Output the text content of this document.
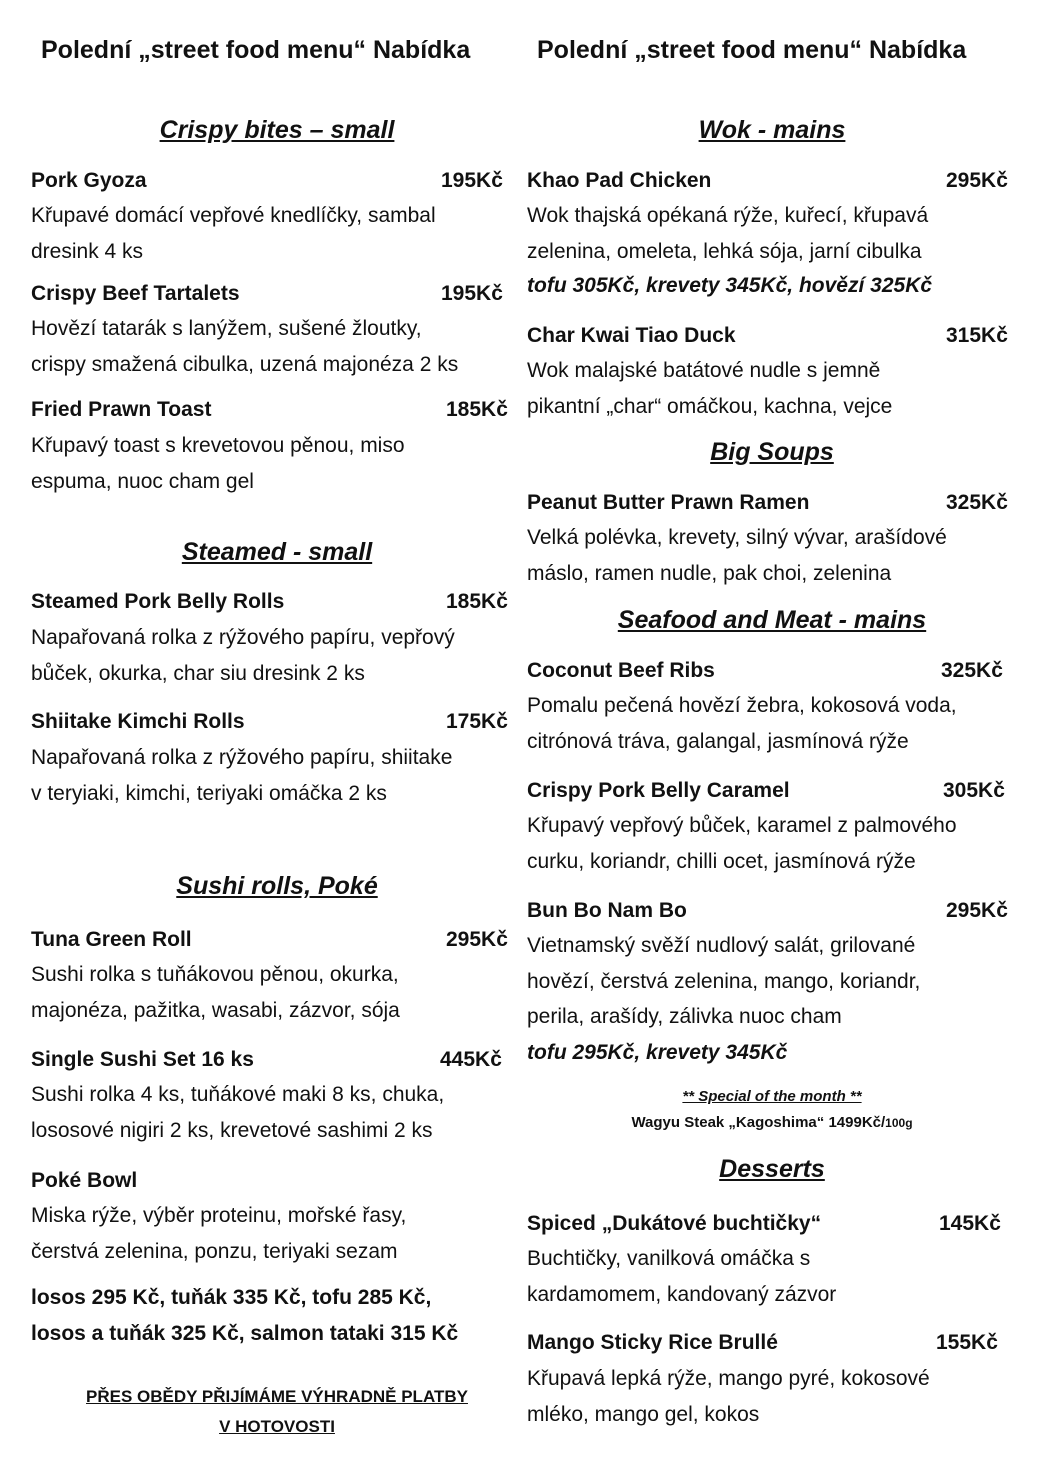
Polední „street food menu“ Nabídka	Polední „street food menu“ Nabídka
Crispy bites – small
Pork Gyoza	195Kč
Křupavé domácí vepřové knedlíčky, sambal
dresink 4 ks
Crispy Beef Tartalets	195Kč
Hovězí tatarák s lanýžem, sušené žloutky,
crispy smažená cibulka, uzená majonéza 2 ks
Fried Prawn Toast	185Kč
Křupavý toast s krevetovou pěnou, miso
espuma, nuoc cham gel
Steamed - small
Steamed Pork Belly Rolls	185Kč
Napařovaná rolka z rýžového papíru, vepřový
bůček, okurka, char siu dresink 2 ks
Shiitake Kimchi Rolls	175Kč
Napařovaná rolka z rýžového papíru, shiitake
v teryiaki, kimchi, teriyaki omáčka 2 ks
Sushi rolls, Poké
Tuna Green Roll	295Kč
Sushi rolka s tuňákovou pěnou, okurka,
majonéza, pažitka, wasabi, zázvor, sója
Single Sushi Set 16 ks	445Kč
Sushi rolka 4 ks, tuňákové maki 8 ks, chuka,
lososové nigiri 2 ks, krevetové sashimi 2 ks
Poké Bowl
Miska rýže, výběr proteinu, mořské řasy,
čerstvá zelenina, ponzu, teriyaki sezam
losos 295 Kč, tuňák 335 Kč, tofu 285 Kč,
losos a tuňák 325 Kč, salmon tataki 315 Kč
PŘES OBĚDY PŘIJÍMÁME VÝHRADNĚ PLATBY
V HOTOVOSTI
Wok - mains
Khao Pad Chicken	295Kč
Wok thajská opékaná rýže, kuřecí, křupavá
zelenina, omeleta, lehká sója, jarní cibulka
tofu 305Kč, krevety 345Kč, hovězí 325Kč
Char Kwai Tiao Duck	315Kč
Wok malajské batátové nudle s jemně
pikantní „char“ omáčkou, kachna, vejce
Big Soups
Peanut Butter Prawn Ramen	325Kč
Velká polévka, krevety, silný vývar, arašídové
máslo, ramen nudle, pak choi, zelenina
Seafood and Meat - mains
Coconut Beef Ribs	325Kč
Pomalu pečená hovězí žebra, kokosová voda,
citrónová tráva, galangal, jasmínová rýže
Crispy Pork Belly Caramel	305Kč
Křupavý vepřový bůček, karamel z palmového
curku, koriandr, chilli ocet, jasmínová rýže
Bun Bo Nam Bo	295Kč
Vietnamský svěží nudlový salát, grilované
hovězí, čerstvá zelenina, mango, koriandr,
perila, arašídy, zálivka nuoc cham
tofu 295Kč, krevety 345Kč
** Special of the month **
Wagyu Steak „Kagoshima“ 1499Kč/100g
Desserts
Spiced „Dukátové buchtičky“	145Kč
Buchtičky, vanilková omáčka s
kardamomem, kandovaný zázvor
Mango Sticky Rice Brullé	155Kč
Křupavá lepká rýže, mango pyré, kokosové
mléko, mango gel, kokos
